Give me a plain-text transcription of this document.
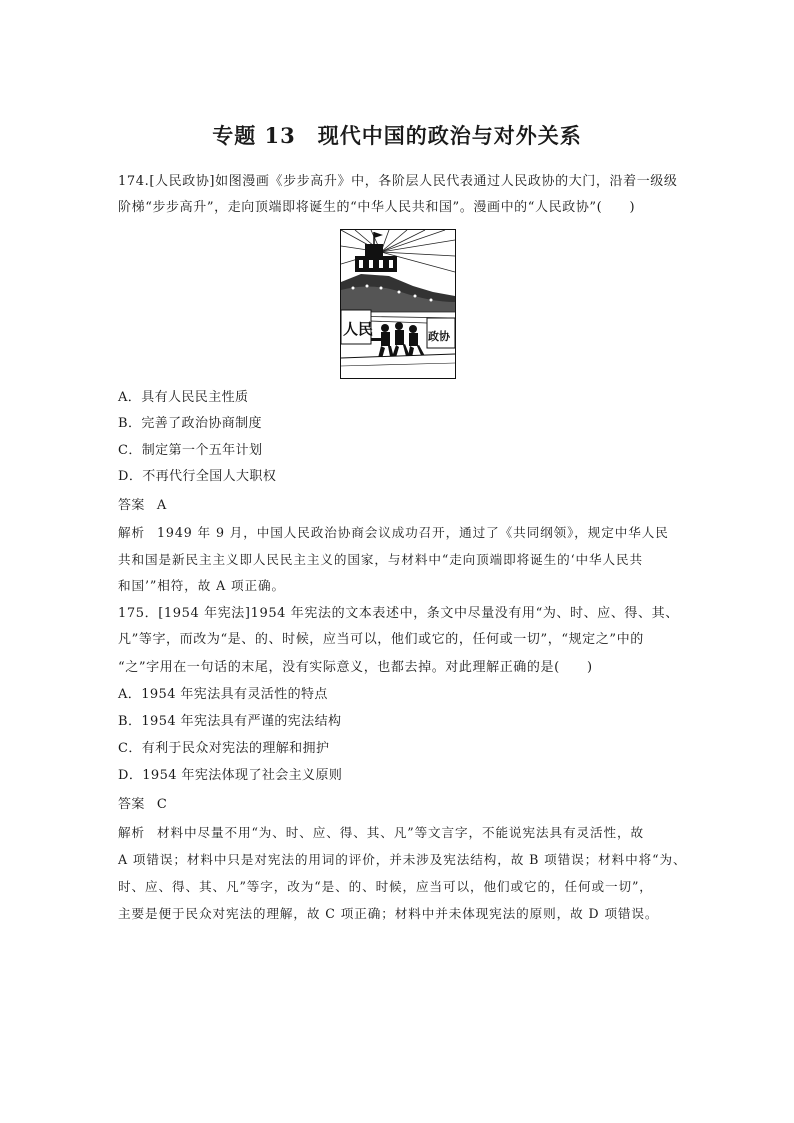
专题 13　现代中国的政治与对外关系
174.[人民政协]如图漫画《步步高升》中，各阶层人民代表通过人民政协的大门，沿着一级级
阶梯“步步高升”，走向顶端即将诞生的“中华人民共和国”。漫画中的“人民政协”(　　)
人民	政协
A．具有人民民主性质
B．完善了政治协商制度
C．制定第一个五年计划
D．不再代行全国人大职权
答案 A
解析 1949 年 9 月，中国人民政治协商会议成功召开，通过了《共同纲领》，规定中华人民
共和国是新民主主义即人民民主主义的国家，与材料中“走向顶端即将诞生的‘中华人民共
和国’”相符，故 A 项正确。
175．[1954 年宪法]1954 年宪法的文本表述中，条文中尽量没有用“为、时、应、得、其、
凡”等字，而改为“是、的、时候，应当可以，他们或它的，任何或一切”，“规定之”中的
“之”字用在一句话的末尾，没有实际意义，也都去掉。对此理解正确的是(　　)
A．1954 年宪法具有灵活性的特点
B．1954 年宪法具有严谨的宪法结构
C．有利于民众对宪法的理解和拥护
D．1954 年宪法体现了社会主义原则
答案 C
解析 材料中尽量不用“为、时、应、得、其、凡”等文言字，不能说宪法具有灵活性，故
A 项错误；材料中只是对宪法的用词的评价，并未涉及宪法结构，故 B 项错误；材料中将“为、
时、应、得、其、凡”等字，改为“是、的、时候，应当可以，他们或它的，任何或一切”，
主要是便于民众对宪法的理解，故 C 项正确；材料中并未体现宪法的原则，故 D 项错误。
